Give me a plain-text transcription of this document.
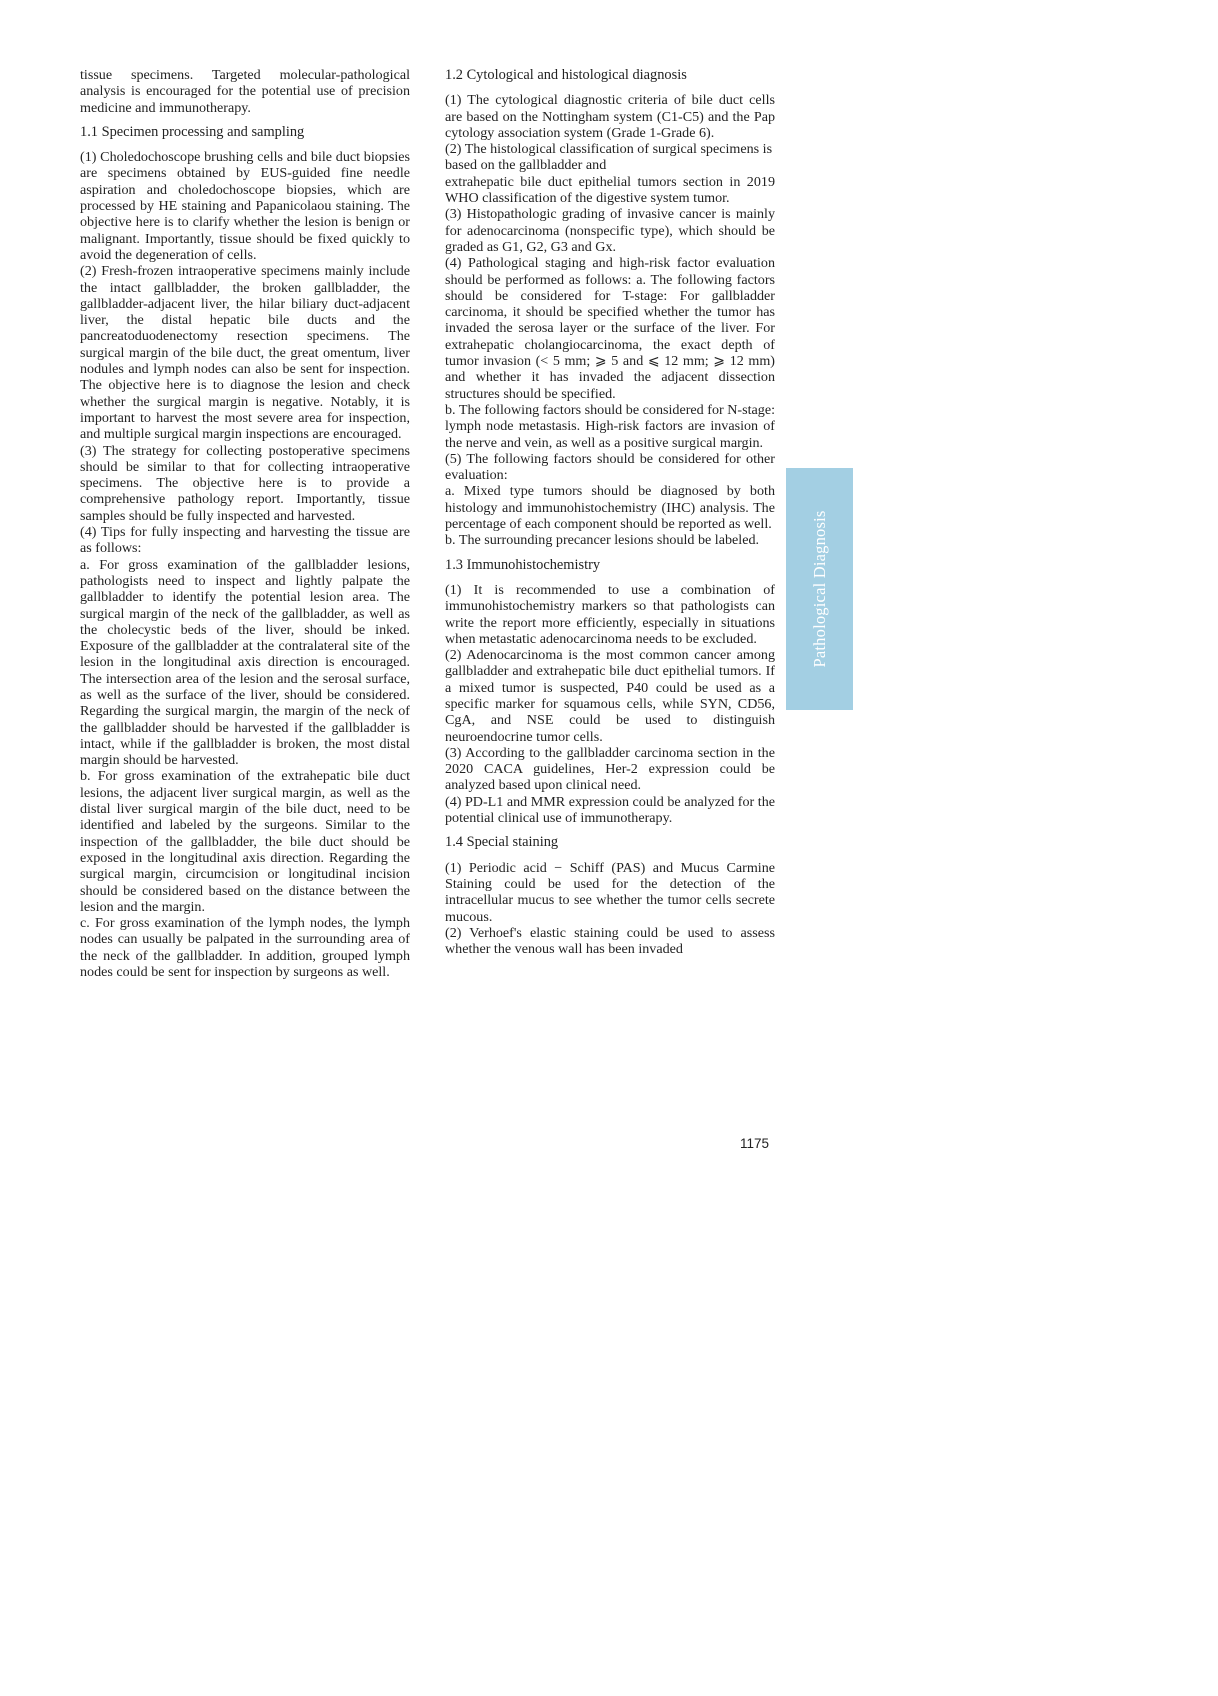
tissue specimens. Targeted molecular-pathological analysis is encouraged for the potential use of precision medicine and immunotherapy.

1.1 Specimen processing and sampling

(1) Choledochoscope brushing cells and bile duct biopsies are specimens obtained by EUS-guided fine needle aspiration and choledochoscope biopsies, which are processed by HE staining and Papanicolaou staining. The objective here is to clarify whether the lesion is benign or malignant. Importantly, tissue should be fixed quickly to avoid the degeneration of cells.

(2) Fresh-frozen intraoperative specimens mainly include the intact gallbladder, the broken gallbladder, the gallbladder-adjacent liver, the hilar biliary duct-adjacent liver, the distal hepatic bile ducts and the pancreatoduodenectomy resection specimens. The surgical margin of the bile duct, the great omentum, liver nodules and lymph nodes can also be sent for inspection. The objective here is to diagnose the lesion and check whether the surgical margin is negative. Notably, it is important to harvest the most severe area for inspection, and multiple surgical margin inspections are encouraged.

(3) The strategy for collecting postoperative specimens should be similar to that for collecting intraoperative specimens. The objective here is to provide a comprehensive pathology report. Importantly, tissue samples should be fully inspected and harvested.

(4) Tips for fully inspecting and harvesting the tissue are as follows:

a. For gross examination of the gallbladder lesions, pathologists need to inspect and lightly palpate the gallbladder to identify the potential lesion area. The surgical margin of the neck of the gallbladder, as well as the cholecystic beds of the liver, should be inked. Exposure of the gallbladder at the contralateral site of the lesion in the longitudinal axis direction is encouraged. The intersection area of the lesion and the serosal surface, as well as the surface of the liver, should be considered. Regarding the surgical margin, the margin of the neck of the gallbladder should be harvested if the gallbladder is intact, while if the gallbladder is broken, the most distal margin should be harvested.

b. For gross examination of the extrahepatic bile duct lesions, the adjacent liver surgical margin, as well as the distal liver surgical margin of the bile duct, need to be identified and labeled by the surgeons. Similar to the inspection of the gallbladder, the bile duct should be exposed in the longitudinal axis direction. Regarding the surgical margin, circumcision or longitudinal incision should be considered based on the distance between the lesion and the margin.

c. For gross examination of the lymph nodes, the lymph nodes can usually be palpated in the surrounding area of the neck of the gallbladder. In addition, grouped lymph nodes could be sent for inspection by surgeons as well.

1.2 Cytological and histological diagnosis

(1) The cytological diagnostic criteria of bile duct cells are based on the Nottingham system (C1-C5) and the Pap cytology association system (Grade 1-Grade 6).

(2) The histological classification of surgical specimens is based on the gallbladder and

extrahepatic bile duct epithelial tumors section in 2019 WHO classification of the digestive system tumor.

(3) Histopathologic grading of invasive cancer is mainly for adenocarcinoma (nonspecific type), which should be graded as G1, G2, G3 and Gx.

(4) Pathological staging and high-risk factor evaluation should be performed as follows: a. The following factors should be considered for T-stage: For gallbladder carcinoma, it should be specified whether the tumor has invaded the serosa layer or the surface of the liver. For extrahepatic cholangiocarcinoma, the exact depth of tumor invasion (< 5 mm; ⩾ 5 and ⩽ 12 mm; ⩾ 12 mm) and whether it has invaded the adjacent dissection structures should be specified.

b. The following factors should be considered for N-stage: lymph node metastasis. High-risk factors are invasion of the nerve and vein, as well as a positive surgical margin.

(5) The following factors should be considered for other evaluation:

a. Mixed type tumors should be diagnosed by both histology and immunohistochemistry (IHC) analysis. The percentage of each component should be reported as well.

b. The surrounding precancer lesions should be labeled.

1.3 Immunohistochemistry

(1) It is recommended to use a combination of immunohistochemistry markers so that pathologists can write the report more efficiently, especially in situations when metastatic adenocarcinoma needs to be excluded.

(2) Adenocarcinoma is the most common cancer among gallbladder and extrahepatic bile duct epithelial tumors. If a mixed tumor is suspected, P40 could be used as a specific marker for squamous cells, while SYN, CD56, CgA, and NSE could be used to distinguish neuroendocrine tumor cells.

(3) According to the gallbladder carcinoma section in the 2020 CACA guidelines, Her-2 expression could be analyzed based upon clinical need.

(4) PD-L1 and MMR expression could be analyzed for the potential clinical use of immunotherapy.

1.4 Special staining

(1) Periodic acid − Schiff (PAS) and Mucus Carmine Staining could be used for the detection of the intracellular mucus to see whether the tumor cells secrete mucous.

(2) Verhoef's elastic staining could be used to assess whether the venous wall has been invaded

Pathological Diagnosis
1175
